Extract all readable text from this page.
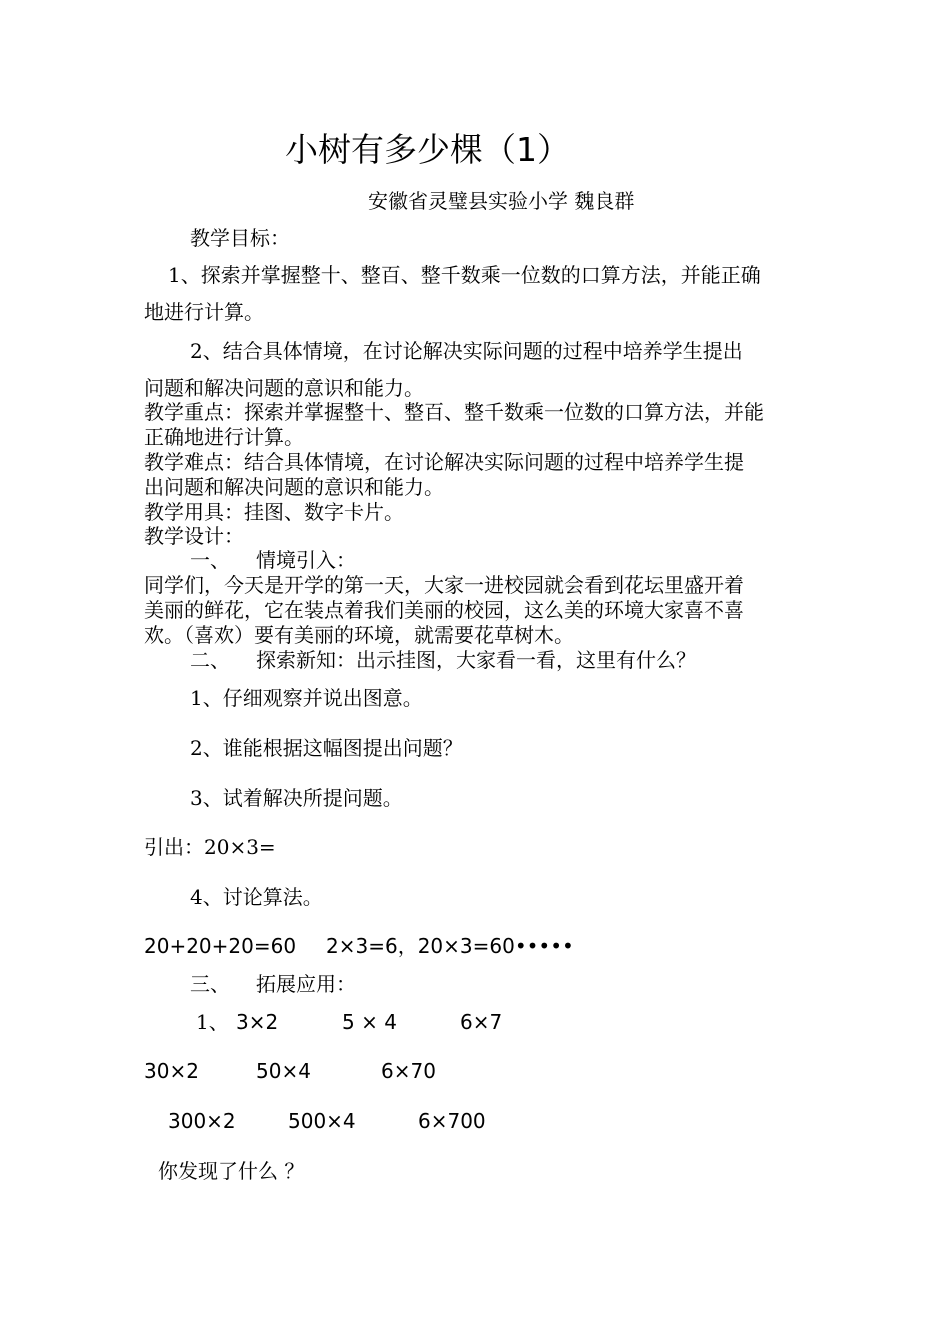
小树有多少棵（1）
安徽省灵璧县实验小学 魏良群
教学目标：
1、探索并掌握整十、整百、整千数乘一位数的口算方法，并能正确
地进行计算。
2、结合具体情境，在讨论解决实际问题的过程中培养学生提出
问题和解决问题的意识和能力。
教学重点：探索并掌握整十、整百、整千数乘一位数的口算方法，并能
正确地进行计算。
教学难点：结合具体情境，在讨论解决实际问题的过程中培养学生提
出问题和解决问题的意识和能力。
教学用具：挂图、数字卡片。
教学设计：
一、 情境引入：
同学们，今天是开学的第一天，大家一进校园就会看到花坛里盛开着
美丽的鲜花，它在装点着我们美丽的校园，这么美的环境大家喜不喜
欢。（喜欢）要有美丽的环境，就需要花草树木。
二、 探索新知：出示挂图，大家看一看，这里有什么？
1、仔细观察并说出图意。
2、谁能根据这幅图提出问题？
3、试着解决所提问题。
引出：20×3=
4、讨论算法。
20+20+20=60 2×3=6，20×3=60•••••
三、 拓展应用：
1、 3×2	5 × 4	6×7
30×2	50×4	6×70
300×2	500×4	6×700
你发现了什么 ？
